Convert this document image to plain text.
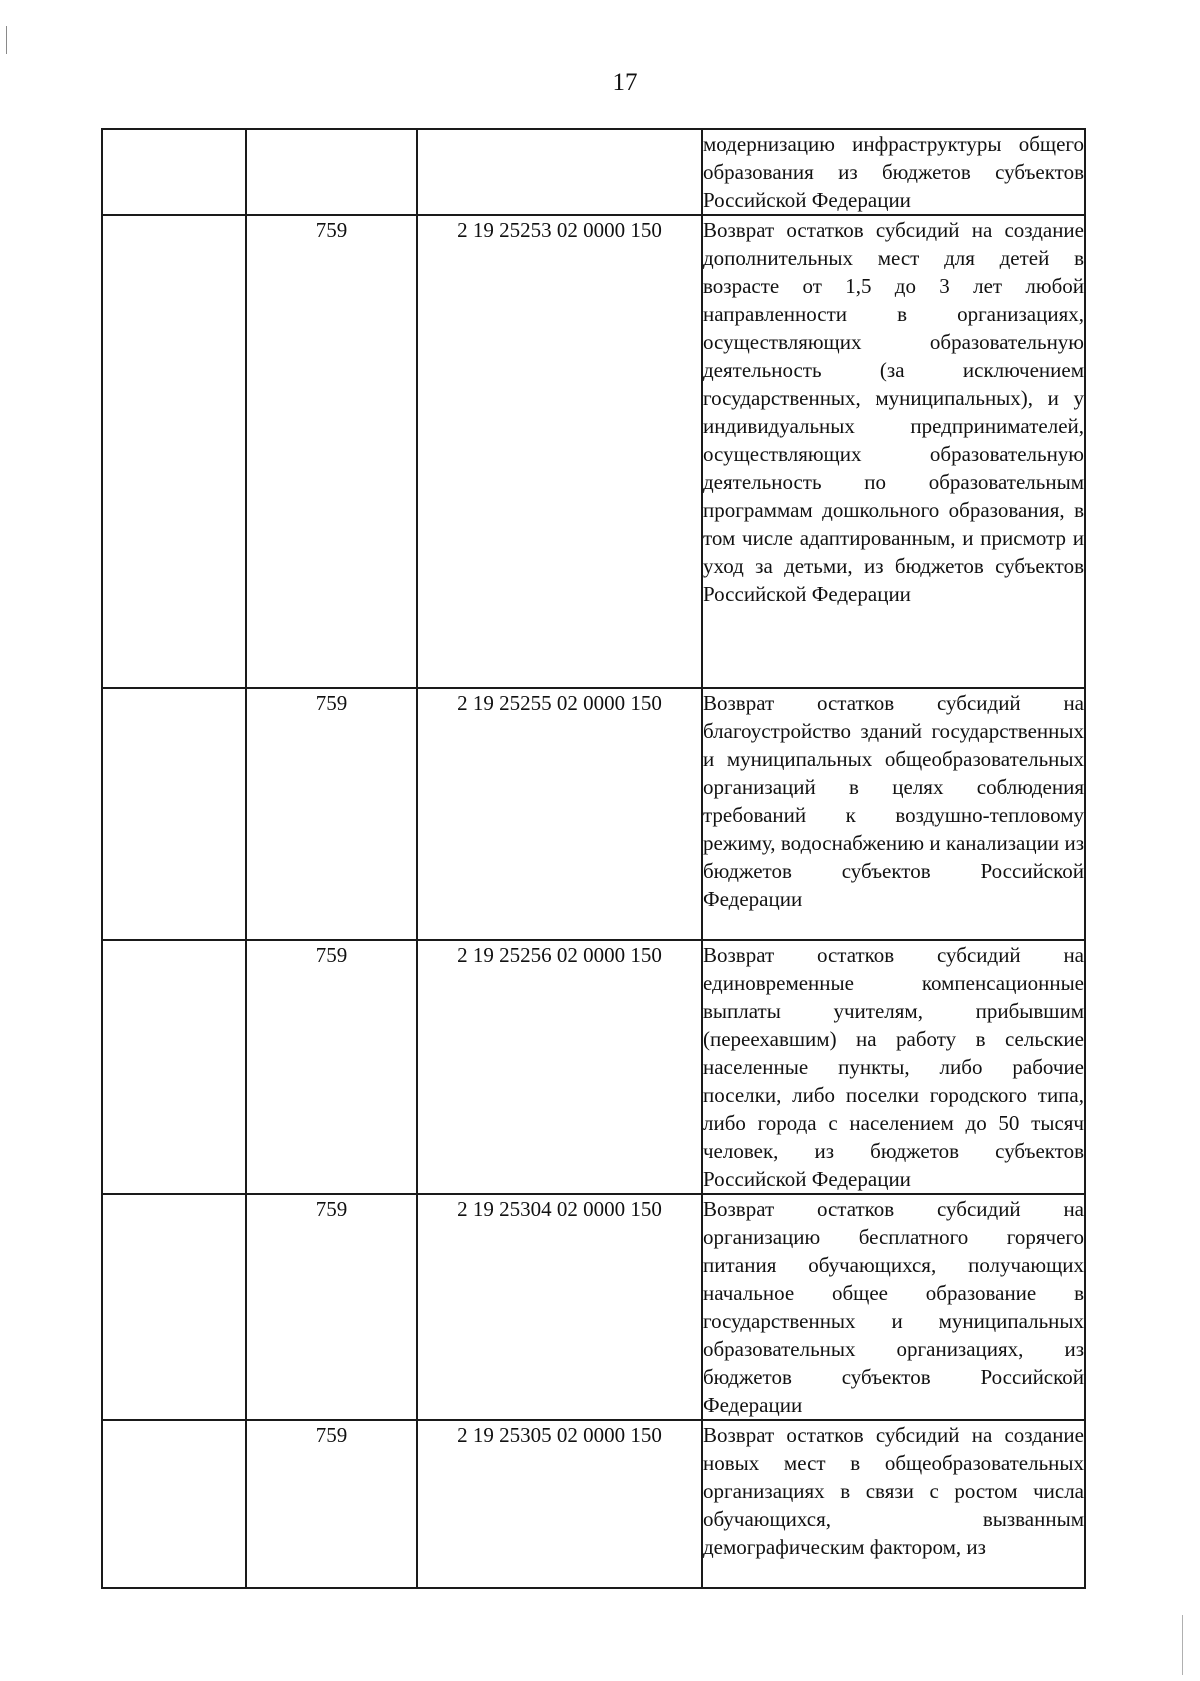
17
			модернизацию инфраструктуры общего образования из бюджетов субъектов Российской Федерации
	759	2 19 25253 02 0000 150	Возврат остатков субсидий на создание дополнительных мест для детей в возрасте от 1,5 до 3 лет любой направленности в организациях, осуществляющих образовательную деятельность (за исключением государственных, муниципальных), и у индивидуальных предпринимателей, осуществляющих образовательную деятельность по образовательным программам дошкольного образования, в том числе адаптированным, и присмотр и уход за детьми, из бюджетов субъектов Российской Федерации
	759	2 19 25255 02 0000 150	Возврат остатков субсидий на благоустройство зданий государственных и муниципальных общеобразовательных организаций в целях соблюдения требований к воздушно-тепловому режиму, водоснабжению и канализации из бюджетов субъектов Российской Федерации
	759	2 19 25256 02 0000 150	Возврат остатков субсидий на единовременные компенсационные выплаты учителям, прибывшим (переехавшим) на работу в сельские населенные пункты, либо рабочие поселки, либо поселки городского типа, либо города с населением до 50 тысяч человек, из бюджетов субъектов Российской Федерации
	759	2 19 25304 02 0000 150	Возврат остатков субсидий на организацию бесплатного горячего питания обучающихся, получающих начальное общее образование в государственных и муниципальных образовательных организациях, из бюджетов субъектов Российской Федерации
	759	2 19 25305 02 0000 150	Возврат остатков субсидий на создание новых мест в общеобразовательных организациях в связи с ростом числа обучающихся, вызванным демографическим фактором, из
